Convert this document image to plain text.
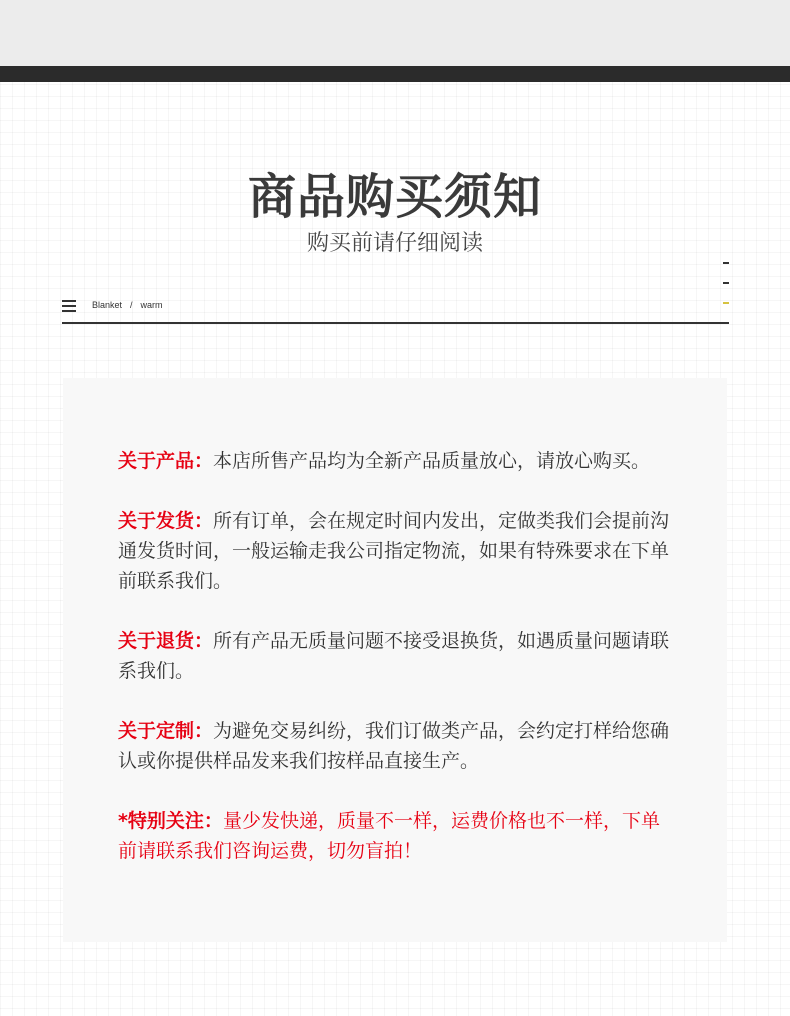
商品购买须知
购买前请仔细阅读
Blanket / warm

关于产品：本店所售产品均为全新产品质量放心，请放心购买。

关于发货：所有订单，会在规定时间内发出，定做类我们会提前沟通发货时间，一般运输走我公司指定物流，如果有特殊要求在下单前联系我们。

关于退货：所有产品无质量问题不接受退换货，如遇质量问题请联系我们。

关于定制：为避免交易纠纷，我们订做类产品，会约定打样给您确认或你提供样品发来我们按样品直接生产。

*特别关注：量少发快递，质量不一样，运费价格也不一样，下单前请联系我们咨询运费，切勿盲拍！
